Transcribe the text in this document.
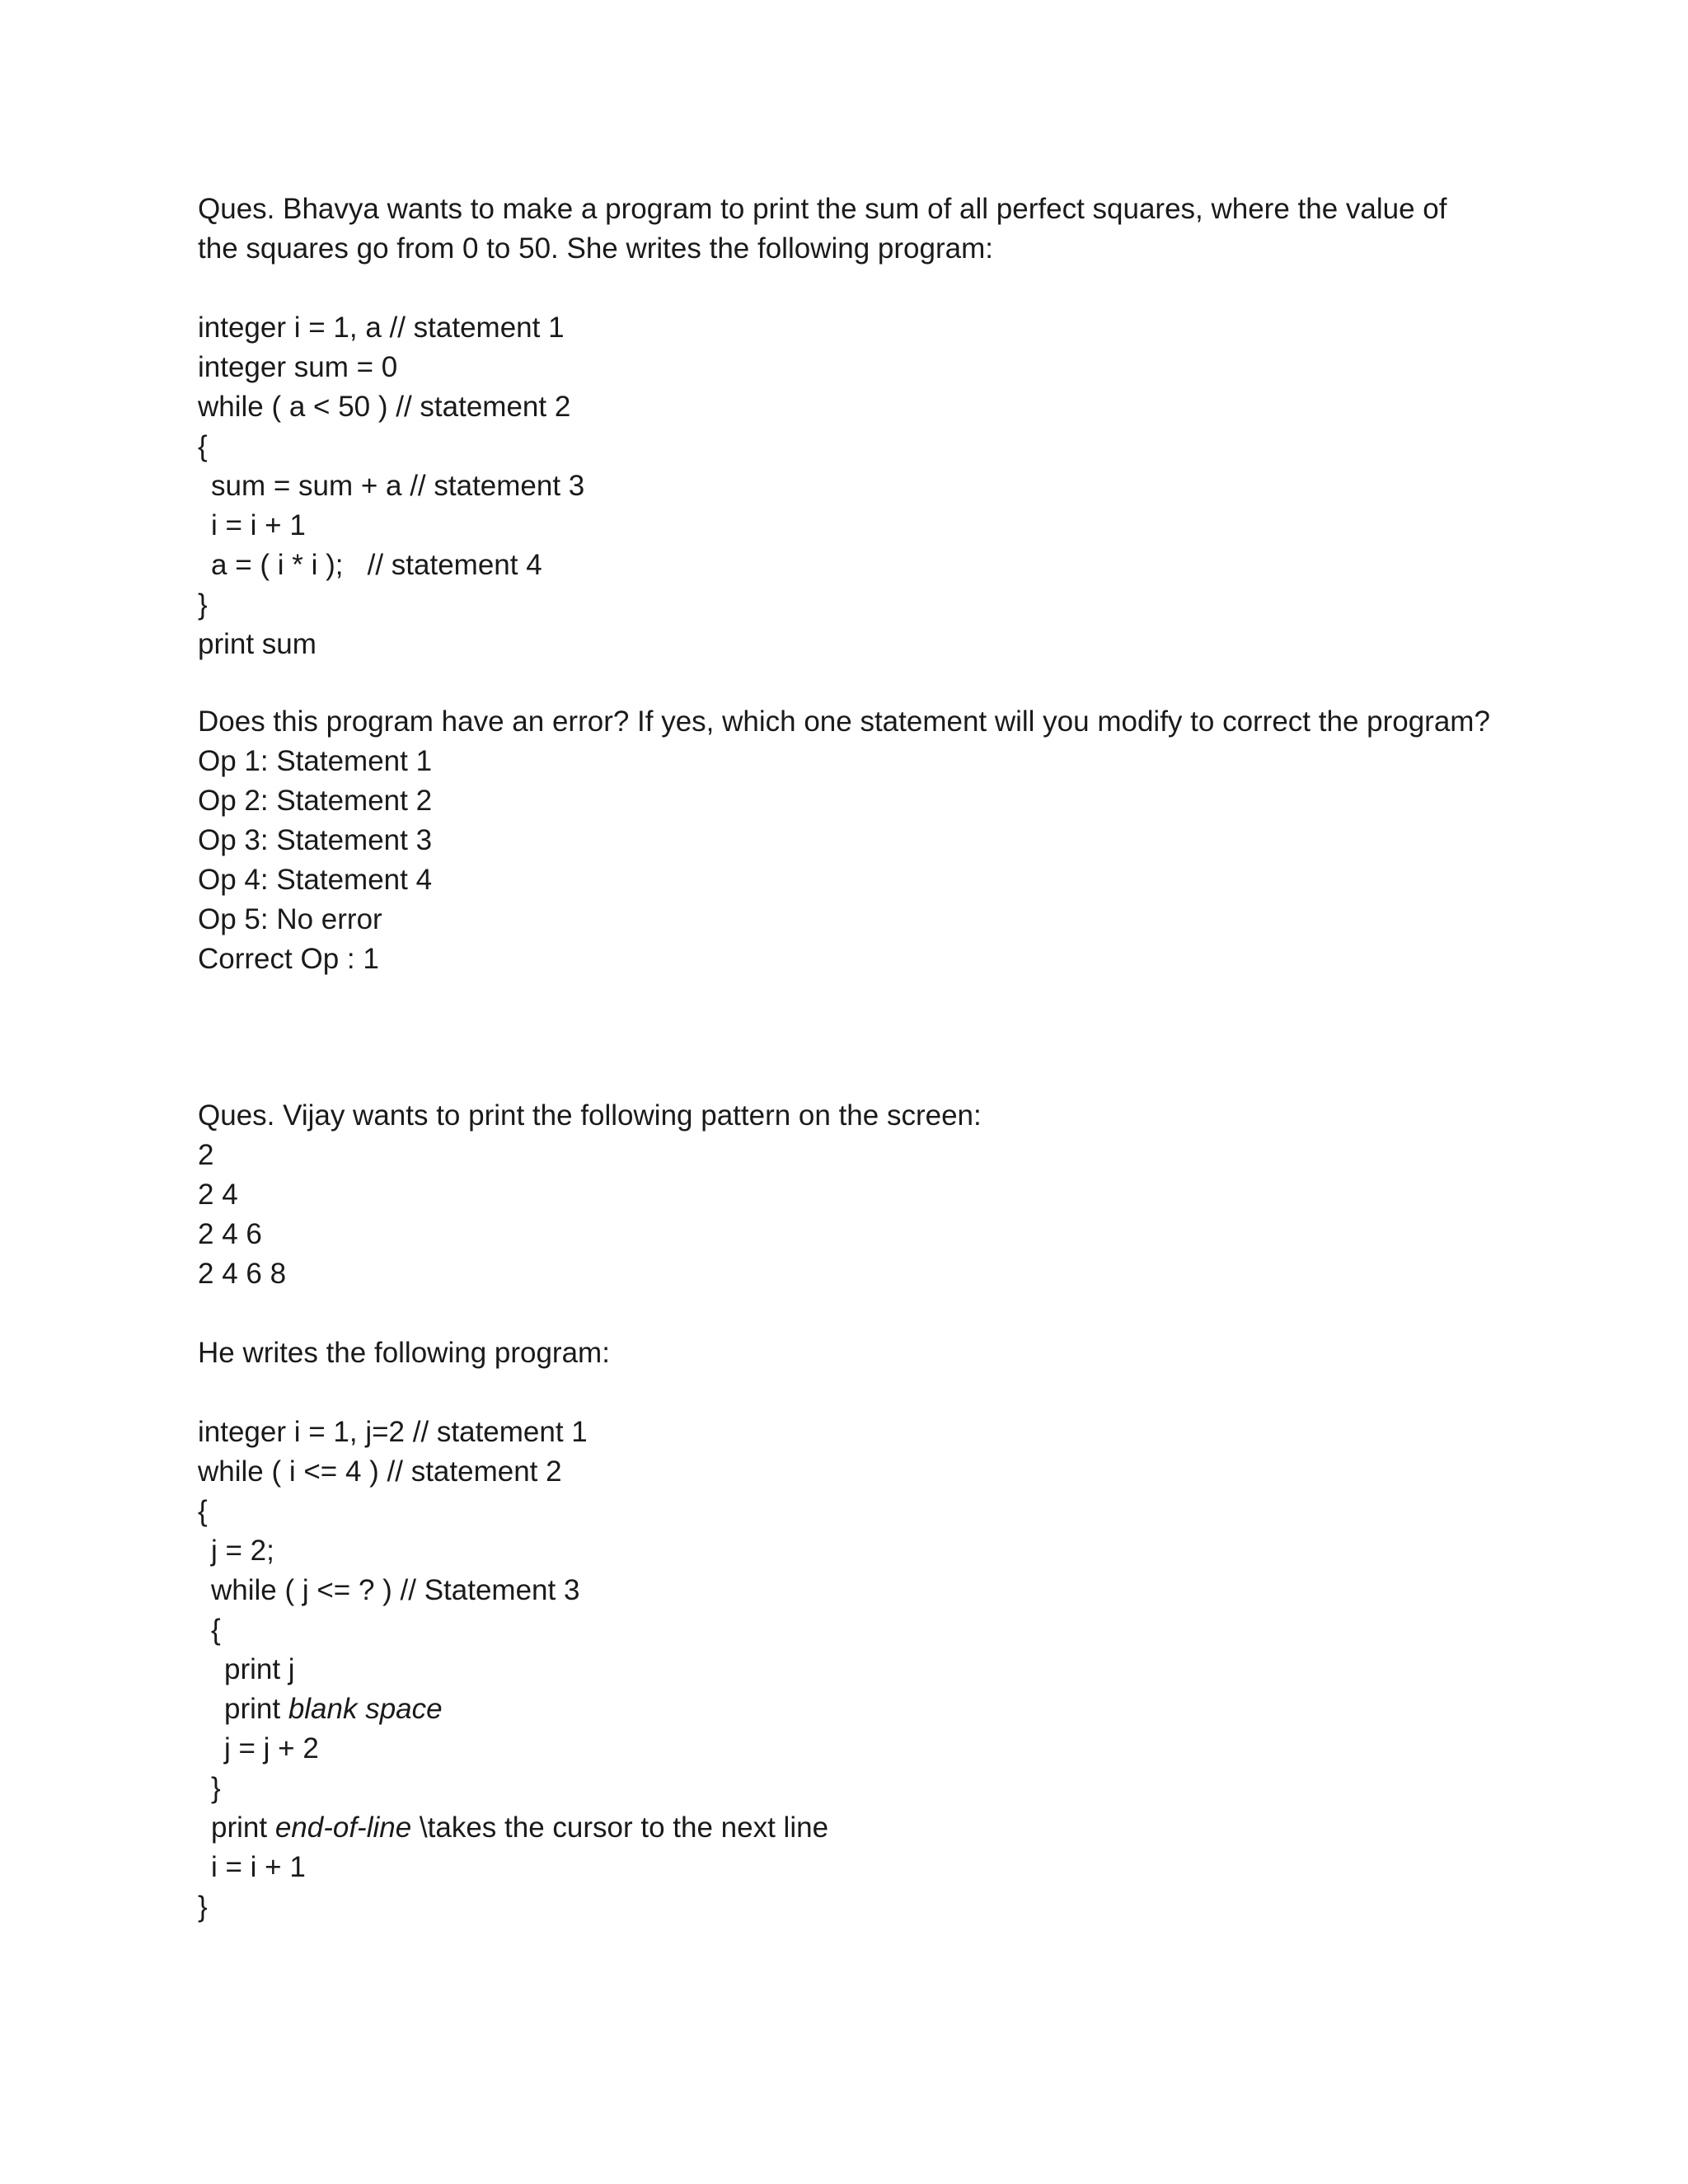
Ques. Bhavya wants to make a program to print the sum of all perfect squares, where the value of the squares go from 0 to 50. She writes the following program:
integer i = 1, a // statement 1
integer sum = 0
while ( a < 50 ) // statement 2
{
sum = sum + a // statement 3
i = i + 1
a = ( i * i );   // statement 4
}
print sum
Does this program have an error? If yes, which one statement will you modify to correct the program?
Op 1: Statement 1
Op 2: Statement 2
Op 3: Statement 3
Op 4: Statement 4
Op 5: No error
Correct Op : 1
Ques. Vijay wants to print the following pattern on the screen:
2
2 4
2 4 6
2 4 6 8
He writes the following program:
integer i = 1, j=2 // statement 1
while ( i <= 4 ) // statement 2
{
j = 2;
while ( j <= ? ) // Statement 3
{
print j
print blank space
j = j + 2
}
print end-of-line \takes the cursor to the next line
i = i + 1
}
